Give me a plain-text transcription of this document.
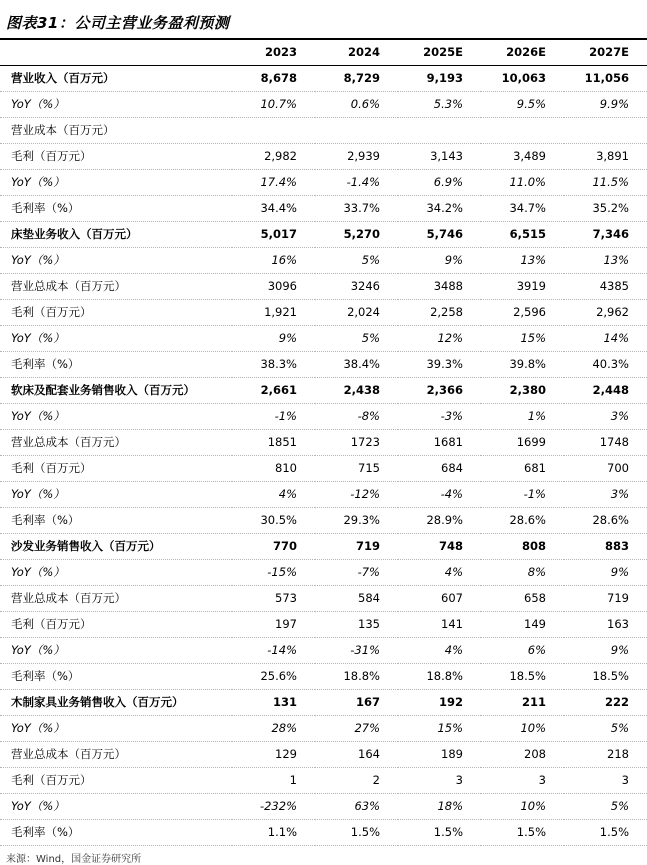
图表31：公司主营业务盈利预测
	2023	2024	2025E	2026E	2027E
营业收入（百万元）	8,678	8,729	9,193	10,063	11,056
YoY（%）	10.7%	0.6%	5.3%	9.5%	9.9%
营业成本（百万元）					
毛利（百万元）	2,982	2,939	3,143	3,489	3,891
YoY（%）	17.4%	-1.4%	6.9%	11.0%	11.5%
毛利率（%）	34.4%	33.7%	34.2%	34.7%	35.2%
床垫业务收入（百万元）	5,017	5,270	5,746	6,515	7,346
YoY（%）	16%	5%	9%	13%	13%
营业总成本（百万元）	3096	3246	3488	3919	4385
毛利（百万元）	1,921	2,024	2,258	2,596	2,962
YoY（%）	9%	5%	12%	15%	14%
毛利率（%）	38.3%	38.4%	39.3%	39.8%	40.3%
软床及配套业务销售收入（百万元）	2,661	2,438	2,366	2,380	2,448
YoY（%）	-1%	-8%	-3%	1%	3%
营业总成本（百万元）	1851	1723	1681	1699	1748
毛利（百万元）	810	715	684	681	700
YoY（%）	4%	-12%	-4%	-1%	3%
毛利率（%）	30.5%	29.3%	28.9%	28.6%	28.6%
沙发业务销售收入（百万元）	770	719	748	808	883
YoY（%）	-15%	-7%	4%	8%	9%
营业总成本（百万元）	573	584	607	658	719
毛利（百万元）	197	135	141	149	163
YoY（%）	-14%	-31%	4%	6%	9%
毛利率（%）	25.6%	18.8%	18.8%	18.5%	18.5%
木制家具业务销售收入（百万元）	131	167	192	211	222
YoY（%）	28%	27%	15%	10%	5%
营业总成本（百万元）	129	164	189	208	218
毛利（百万元）	1	2	3	3	3
YoY（%）	-232%	63%	18%	10%	5%
毛利率（%）	1.1%	1.5%	1.5%	1.5%	1.5%
来源：Wind，国金证券研究所
